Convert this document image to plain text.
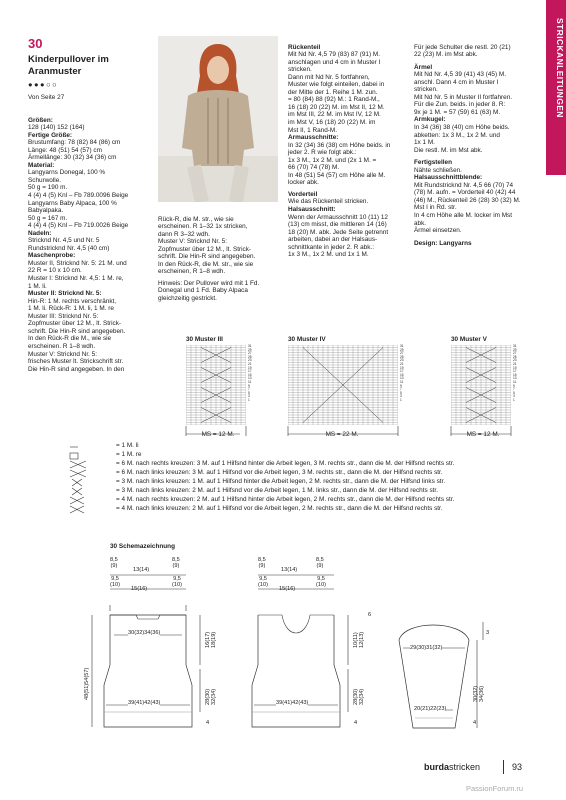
STRICKANLEITUNGEN
30
Kinderpullover im
Aranmuster
●●●○○
Von Seite 27

Größen:
128 (140) 152 (164)
Fertige Größe:
Brustumfang: 78 (82) 84 (86) cm
Länge: 48 (51) 54 (57) cm
Ärmellänge: 30 (32) 34 (36) cm
Material:
Langyarns Donegal, 100 %
Schurwolle.
50 g = 190 m.
4 (4) 4 (5) Knl – Fb 789.0096 Beige
Langyarns Baby Alpaca, 100 %
Babyalpaka.
50 g = 167 m.
4 (4) 4 (5) Knl – Fb 719.0026 Beige
Nadeln:
Stricknd Nr. 4,5 und Nr. 5
Rundstricknd Nr. 4,5 (40 cm)
Maschenprobe:
Muster II, Stricknd Nr. 5: 21 M. und
22 R = 10 x 10 cm.
Muster I: Stricknd Nr. 4,5: 1 M. re,
1 M. li.
Muster II: Stricknd Nr. 5:
Hin-R: 1 M. rechts verschränkt,
1 M. li. Rück-R: 1 M. li, 1 M. re
Muster III: Stricknd Nr. 5:
Zopfmuster über 12 M., lt. Strick-
schrift. Die Hin-R sind angegeben.
In den Rück-R die M., wie sie
erscheinen. R 1–8 wdh.
Muster V: Stricknd Nr. 5:
frisches Muster lt. Strickschrift str.
Die Hin-R sind angegeben. In den

Rück-R, die M. str., wie sie
erscheinen. R 1–32 1x stricken,
dann R 3–32 wdh.
Muster V: Stricknd Nr. 5:
Zopfmuster über 12 M., lt. Strick-
schrift. Die Hin-R sind angegeben.
In den Rück-R, die M. str., wie sie
erscheinen, R 1–8 wdh.

Hinweis: Der Pullover wird mit 1 Fd.
Donegal und 1 Fd. Baby Alpaca
gleichzeitig gestrickt.

Rückenteil
Mit Nd Nr. 4,5 79 (83) 87 (91) M.
anschlagen und 4 cm in Muster I
stricken.
Dann mit Nd Nr. 5 fortfahren,
Muster wie folgt einteilen, dabei in
der Mitte der 1. Reihe 1 M. zun.
= 80 (84) 88 (92) M.: 1 Rand-M.,
16 (18) 20 (22) M. im Mst II, 12 M.
im Mst III, 22 M. im Mst IV, 12 M.
im Mst V, 16 (18) 20 (22) M. im
Mst II, 1 Rand-M.
Armausschnitte:
In 32 (34) 36 (38) cm Höhe beids. in
jeder 2. R wie folgt abk.:
1x 3 M., 1x 2 M. und (2x 1 M. =
66 (70) 74 (78) M.
In 48 (51) 54 (57) cm Höhe alle M.
locker abk.

Vorderteil
Wie das Rückenteil stricken.
Halsausschnitt:
Wenn der Armausschnitt 10 (11) 12
(13) cm misst, die mittleren 14 (16)
18 (20) M. abk. Jede Seite getrennt
arbeiten, dabei an der Halsaus-
schnittkante in jeder 2. R abk.:
1x 3 M., 1x 2 M. und 1x 1 M.

Für jede Schulter die restl. 20 (21)
22 (23) M. im Mst abk.

Ärmel
Mit Nd Nr. 4,5 39 (41) 43 (45) M.
anschl. Dann 4 cm in Muster I
stricken.
Mit Nd Nr. 5 in Muster II fortfahren.
Für die Zun. beids. in jeder 8. R:
9x je 1 M. = 57 (59) 61 (63) M.
Armkugel:
In 34 (36) 38 (40) cm Höhe beids.
abketten: 1x 3 M., 1x 2 M. und
1x 1 M.
Die restl. M. im Mst abk.

Fertigstellen
Nähte schließen.
Halsausschnittblende:
Mit Rundstricknd Nr. 4,5 66 (70) 74
(78) M. aufn. = Vorderteil 40 (42) 44
(46) M., Rückenteil 26 (28) 30 (32) M.
Mst I in Rd. str.
In 4 cm Höhe alle M. locker im Mst
abk.
Ärmel einsetzen.

Design: Langyarns

30 Muster III
31
29
27
25
23
21
19
17
15
13
11
9
7
5
3
1
MS = 12 M.
30 Muster IV
31
29
27
25
23
21
19
17
15
13
11
9
7
5
3
1
MS = 22 M.
30 Muster V
31
29
27
25
23
21
19
17
15
13
11
9
7
5
3
1
MS = 12 M.
= 1 M. li
= 1 M. re
= 6 M. nach rechts kreuzen: 3 M. auf 1 Hilfsnd hinter die Arbeit legen, 3 M. rechts str., dann die M. der Hilfsnd rechts str.
= 6 M. nach links kreuzen: 3 M. auf 1 Hilfsnd vor die Arbeit legen, 3 M. rechts str., dann die M. der Hilfsnd rechts str.
= 3 M. nach links kreuzen: 1 M. auf 1 Hilfsnd hinter die Arbeit legen, 2 M. rechts str., dann die M. der Hilfsnd links str.
= 3 M. nach links kreuzen: 2 M. auf 1 Hilfsnd vor die Arbeit legen, 1 M. links str., dann die M. der Hilfsnd rechts str.
= 4 M. nach rechts kreuzen: 2 M. auf 1 Hilfsnd hinter die Arbeit legen, 2 M. rechts str., dann die M. der Hilfsnd rechts str.
= 4 M. nach links kreuzen: 2 M. auf 1 Hilfsnd vor die Arbeit legen, 2 M. rechts str., dann die M. der Hilfsnd rechts str.
30 Schemazeichnung
8,5
(9)
13(14)
8,5
(9)
9,5
(10)
15(16)
9,5
(10)
30(32)34(36)
39(41)42(43)
48(51)54(57)
16(17)
18(19)
28(30)
32(34)
4
8,5
(9)
13(14)
8,5
(9)
9,5
(10)
15(16)
9,5
(10)
6
10(11)
12(13)
39(41)42(43)	28(30)
32(34)
4
29(30)31(32)
20(21)22(23)
30(32)
34(36)
3
4
burdastricken	93
PassionForum.ru
